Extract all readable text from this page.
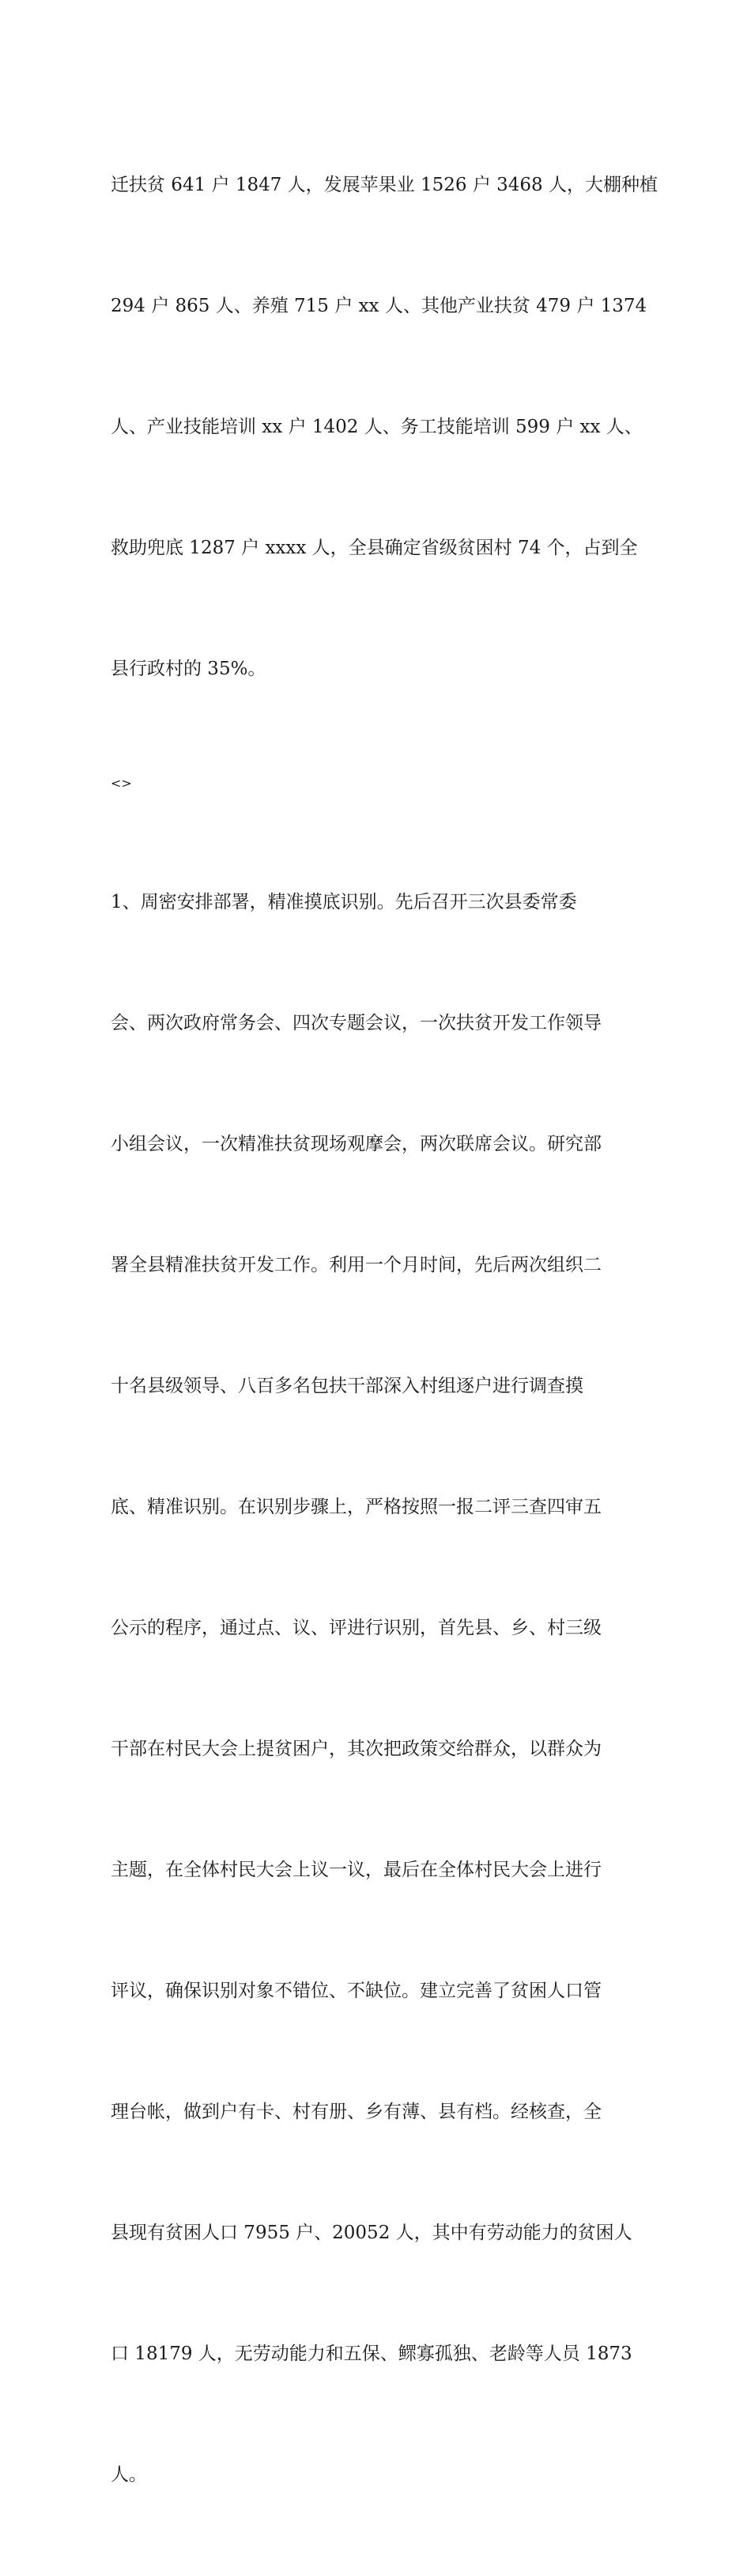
迁扶贫 641 户 1847 人，发展苹果业 1526 户 3468 人，大棚种植

294 户 865 人、养殖 715 户 xx 人、其他产业扶贫 479 户 1374

人、产业技能培训 xx 户 1402 人、务工技能培训 599 户 xx 人、

救助兜底 1287 户 xxxx 人，全县确定省级贫困村 74 个，占到全

县行政村的 35%。

<>

1、周密安排部署，精准摸底识别。先后召开三次县委常委

会、两次政府常务会、四次专题会议，一次扶贫开发工作领导

小组会议，一次精准扶贫现场观摩会，两次联席会议。研究部

署全县精准扶贫开发工作。利用一个月时间，先后两次组织二

十名县级领导、八百多名包扶干部深入村组逐户进行调查摸

底、精准识别。在识别步骤上，严格按照一报二评三查四审五

公示的程序，通过点、议、评进行识别，首先县、乡、村三级

干部在村民大会上提贫困户，其次把政策交给群众，以群众为

主题，在全体村民大会上议一议，最后在全体村民大会上进行

评议，确保识别对象不错位、不缺位。建立完善了贫困人口管

理台帐，做到户有卡、村有册、乡有薄、县有档。经核查，全

县现有贫困人口 7955 户、20052 人，其中有劳动能力的贫困人

口 18179 人，无劳动能力和五保、鳏寡孤独、老龄等人员 1873

人。
